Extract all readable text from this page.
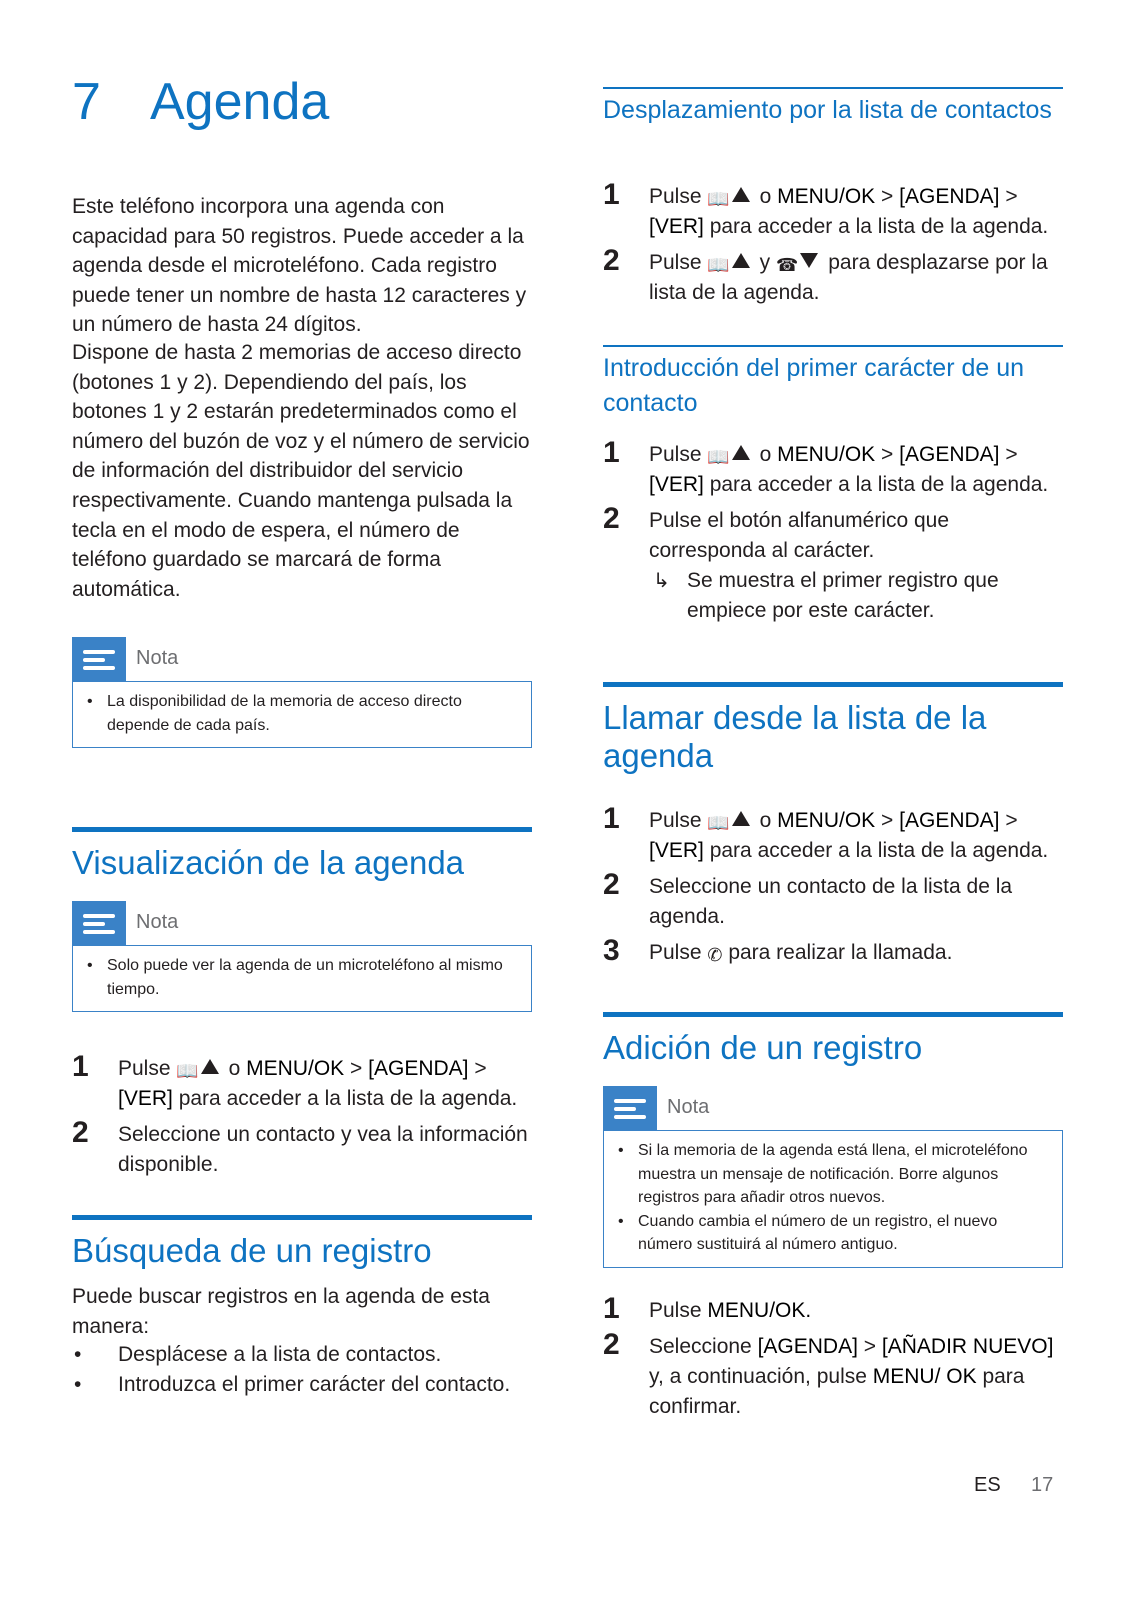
7 Agenda

Este teléfono incorpora una agenda con capacidad para 50 registros. Puede acceder a la agenda desde el microteléfono. Cada registro puede tener un nombre de hasta 12 caracteres y un número de hasta 24 dígitos.

Dispone de hasta 2 memorias de acceso directo (botones 1 y 2). Dependiendo del país, los botones 1 y 2 estarán predeterminados como el número del buzón de voz y el número de servicio de información del distribuidor del servicio respectivamente. Cuando mantenga pulsada la tecla en el modo de espera, el número de teléfono guardado se marcará de forma automática.

Nota
• La disponibilidad de la memoria de acceso directo depende de cada país.
Visualización de la agenda
Nota
• Solo puede ver la agenda de un microteléfono al mismo tiempo.
1 Pulse 📖 o MENU/OK > [AGENDA] > [VER] para acceder a la lista de la agenda.
2 Seleccione un contacto y vea la información disponible.
Búsqueda de un registro

Puede buscar registros en la agenda de esta manera:

• Desplácese a la lista de contactos.
• Introduzca el primer carácter del contacto.
Desplazamiento por la lista de contactos
1 Pulse 📖 o MENU/OK > [AGENDA] > [VER] para acceder a la lista de la agenda.
2 Pulse 📖 y ☎ para desplazarse por la lista de la agenda.
Introducción del primer carácter de un contacto
1 Pulse 📖 o MENU/OK > [AGENDA] > [VER] para acceder a la lista de la agenda.
2 Pulse el botón alfanumérico que corresponda al carácter.
↳ Se muestra el primer registro que empiece por este carácter.
Llamar desde la lista de la agenda
1 Pulse 📖 o MENU/OK > [AGENDA] > [VER] para acceder a la lista de la agenda.
2 Seleccione un contacto de la lista de la agenda.
3 Pulse ✆ para realizar la llamada.
Adición de un registro
Nota
• Si la memoria de la agenda está llena, el microteléfono muestra un mensaje de notificación. Borre algunos registros para añadir otros nuevos.
• Cuando cambia el número de un registro, el nuevo número sustituirá al número antiguo.
1 Pulse MENU/OK.
2 Seleccione [AGENDA] > [AÑADIR NUEVO] y, a continuación, pulse MENU/ OK para confirmar.
ES 17
